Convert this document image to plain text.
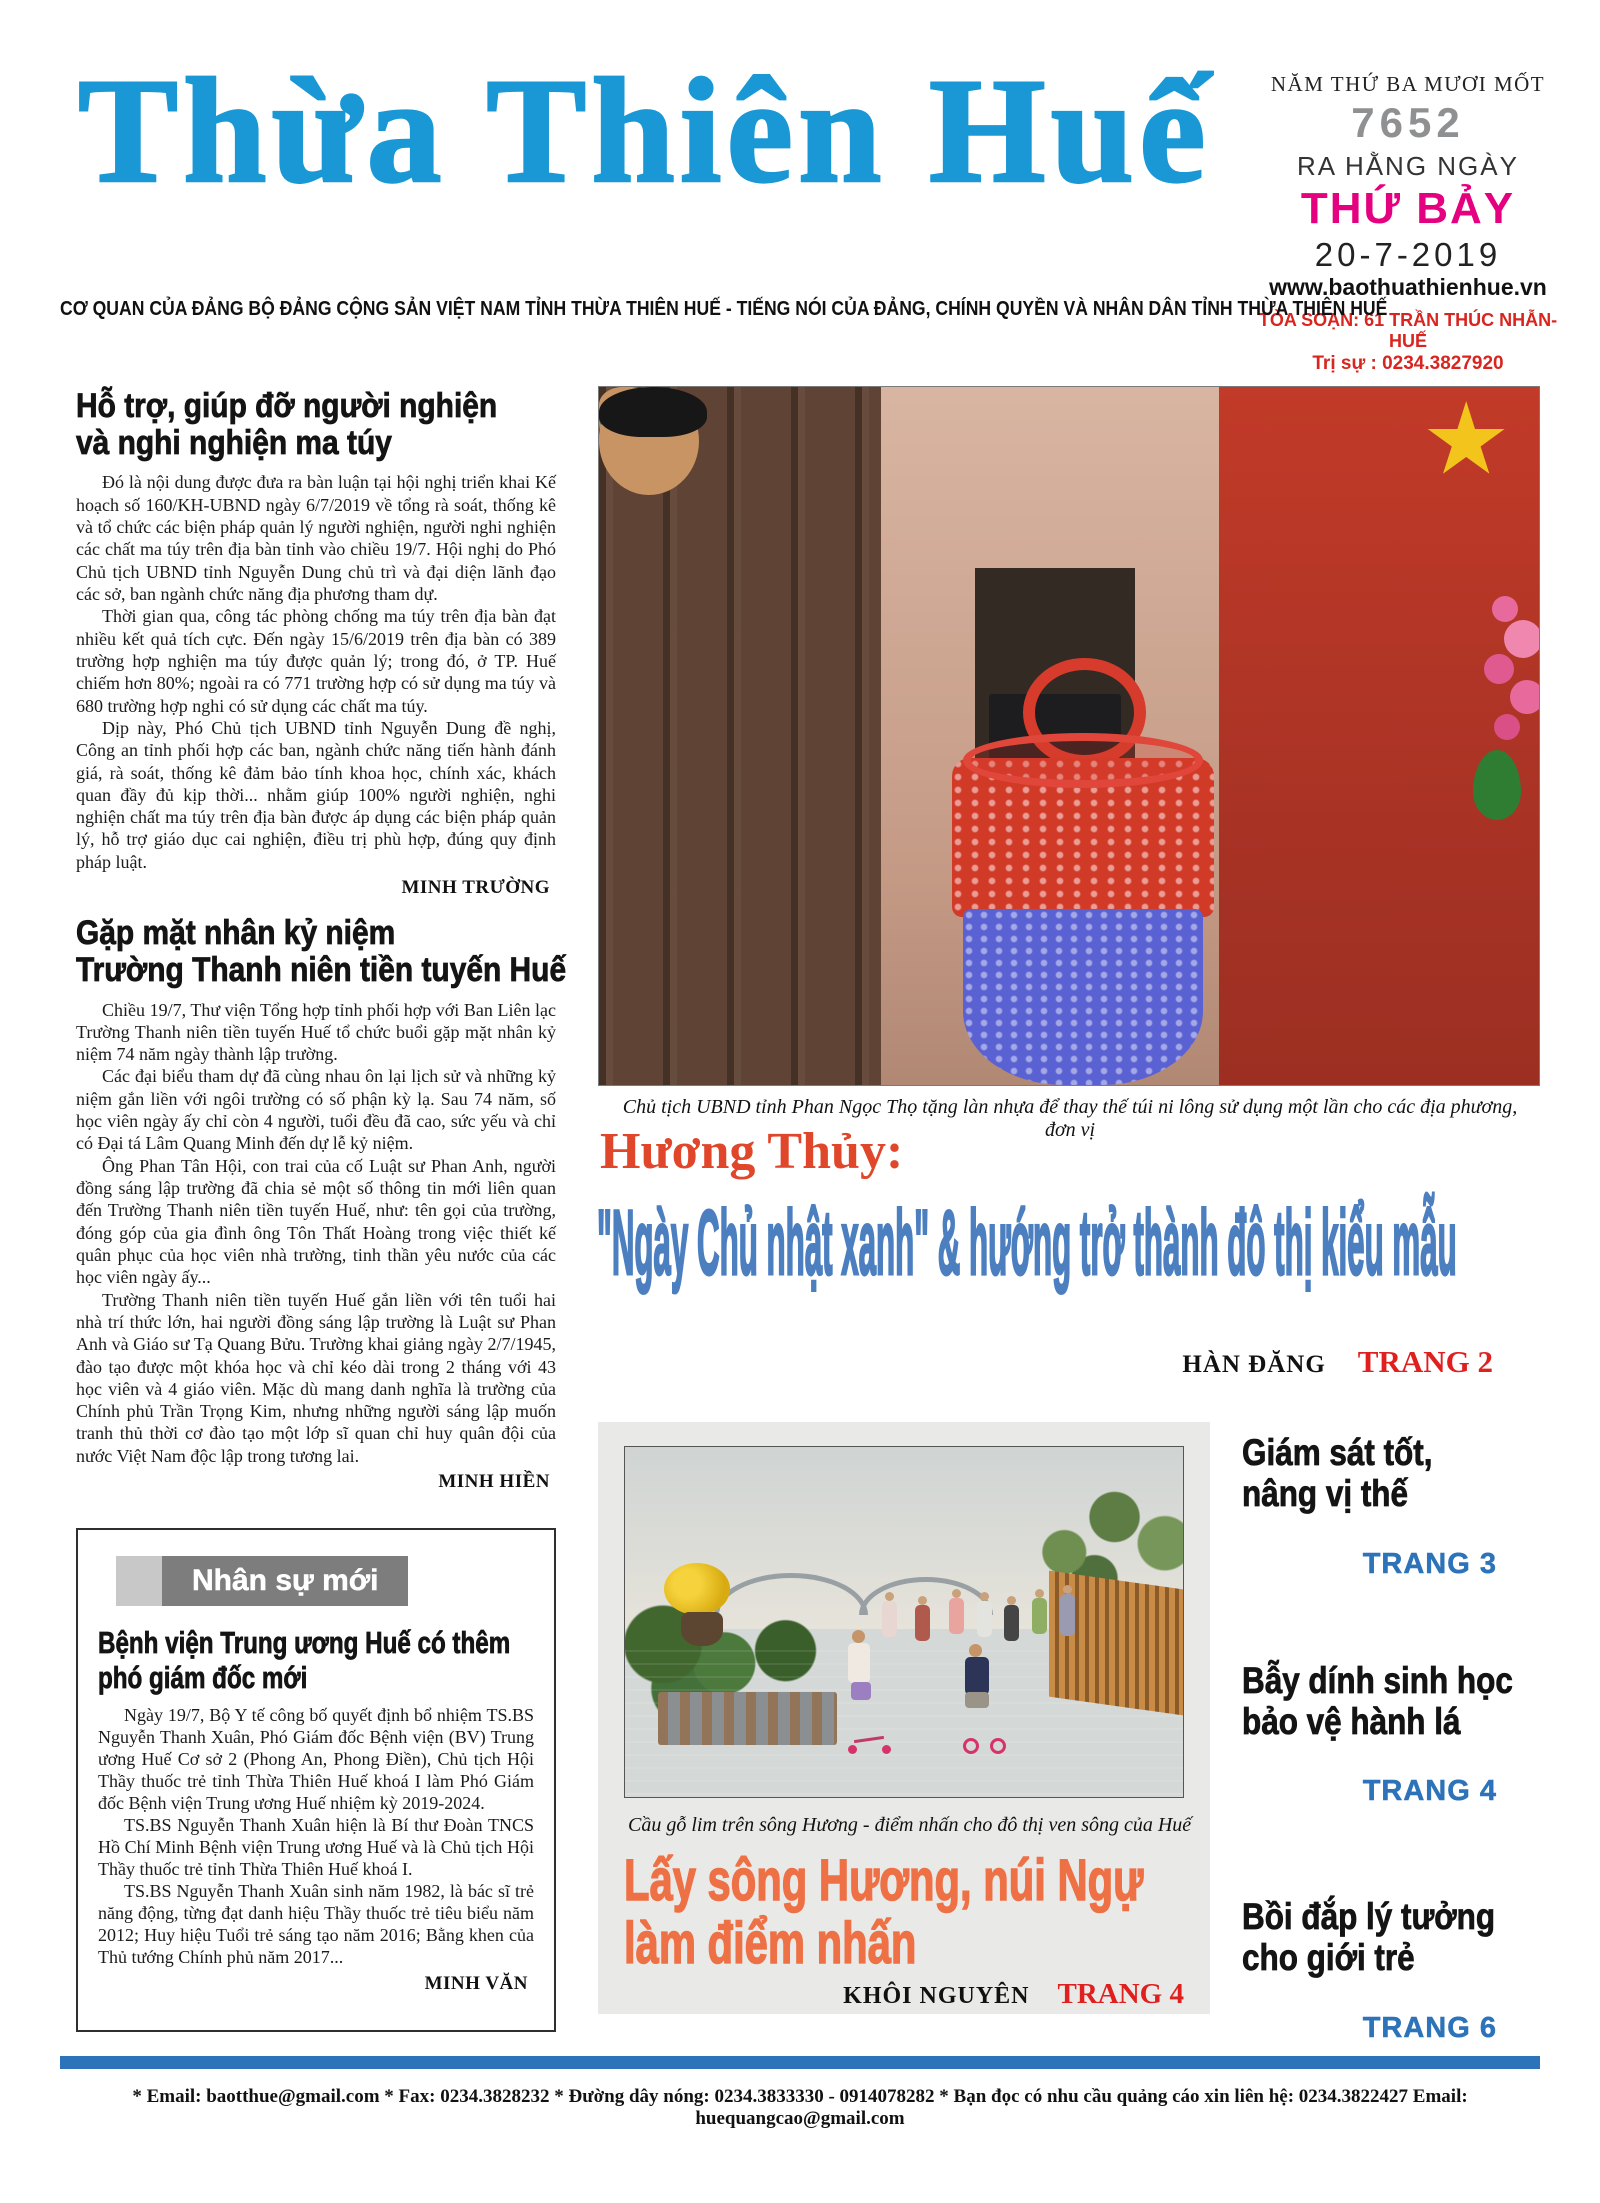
Thừa Thiên Huế	NĂM THỨ BA MƯƠI MỐT
7652
RA HẰNG NGÀY
THỨ BẢY
20-7-2019
www.baothuathienhue.vn
TÒA SOẠN: 61 TRẦN THÚC NHẪN-HUẾ
Trị sự : 0234.3827920
CƠ QUAN CỦA ĐẢNG BỘ ĐẢNG CỘNG SẢN VIỆT NAM TỈNH THỪA THIÊN HUẾ - TIẾNG NÓI CỦA ĐẢNG, CHÍNH QUYỀN VÀ NHÂN DÂN TỈNH THỪA THIÊN HUẾ
Hỗ trợ, giúp đỡ người nghiện
và nghi nghiện ma túy

Đó là nội dung được đưa ra bàn luận tại hội nghị triển khai Kế hoạch số 160/KH-UBND ngày 6/7/2019 về tổng rà soát, thống kê và tổ chức các biện pháp quản lý người nghiện, người nghi nghiện các chất ma túy trên địa bàn tỉnh vào chiều 19/7. Hội nghị do Phó Chủ tịch UBND tỉnh Nguyễn Dung chủ trì và đại diện lãnh đạo các sở, ban ngành chức năng địa phương tham dự.

Thời gian qua, công tác phòng chống ma túy trên địa bàn đạt nhiều kết quả tích cực. Đến ngày 15/6/2019 trên địa bàn có 389 trường hợp nghiện ma túy được quản lý; trong đó, ở TP. Huế chiếm hơn 80%; ngoài ra có 771 trường hợp có sử dụng ma túy và 680 trường hợp nghi có sử dụng các chất ma túy.

Dịp này, Phó Chủ tịch UBND tỉnh Nguyễn Dung đề nghị, Công an tỉnh phối hợp các ban, ngành chức năng tiến hành đánh giá, rà soát, thống kê đảm bảo tính khoa học, chính xác, khách quan đầy đủ kịp thời... nhằm giúp 100% người nghiện, nghi nghiện chất ma túy trên địa bàn được áp dụng các biện pháp quản lý, hỗ trợ giáo dục cai nghiện, điều trị phù hợp, đúng quy định pháp luật.

MINH TRƯỜNG
Gặp mặt nhân kỷ niệm
Trường Thanh niên tiền tuyến Huế

Chiều 19/7, Thư viện Tổng hợp tỉnh phối hợp với Ban Liên lạc Trường Thanh niên tiền tuyến Huế tổ chức buổi gặp mặt nhân kỷ niệm 74 năm ngày thành lập trường.

Các đại biểu tham dự đã cùng nhau ôn lại lịch sử và những kỷ niệm gắn liền với ngôi trường có số phận kỳ lạ. Sau 74 năm, số học viên ngày ấy chỉ còn 4 người, tuổi đều đã cao, sức yếu và chỉ có Đại tá Lâm Quang Minh đến dự lễ kỷ niệm.

Ông Phan Tân Hội, con trai của cố Luật sư Phan Anh, người đồng sáng lập trường đã chia sẻ một số thông tin mới liên quan đến Trường Thanh niên tiền tuyến Huế, như: tên gọi của trường, đóng góp của gia đình ông Tôn Thất Hoàng trong việc thiết kế quân phục của học viên nhà trường, tinh thần yêu nước của các học viên ngày ấy...

Trường Thanh niên tiền tuyến Huế gắn liền với tên tuổi hai nhà trí thức lớn, hai người đồng sáng lập trường là Luật sư Phan Anh và Giáo sư Tạ Quang Bửu. Trường khai giảng ngày 2/7/1945, đào tạo được một khóa học và chỉ kéo dài trong 2 tháng với 43 học viên và 4 giáo viên. Mặc dù mang danh nghĩa là trường của Chính phủ Trần Trọng Kim, nhưng những người sáng lập muốn tranh thủ thời cơ đào tạo một lớp sĩ quan chỉ huy quân đội của nước Việt Nam độc lập trong tương lai.

MINH HIỀN
Nhân sự mới
Bệnh viện Trung ương Huế có thêm
phó giám đốc mới

Ngày 19/7, Bộ Y tế công bố quyết định bổ nhiệm TS.BS Nguyễn Thanh Xuân, Phó Giám đốc Bệnh viện (BV) Trung ương Huế Cơ sở 2 (Phong An, Phong Điền), Chủ tịch Hội Thầy thuốc trẻ tỉnh Thừa Thiên Huế khoá I làm Phó Giám đốc Bệnh viện Trung ương Huế nhiệm kỳ 2019-2024.

TS.BS Nguyễn Thanh Xuân hiện là Bí thư Đoàn TNCS Hồ Chí Minh Bệnh viện Trung ương Huế và là Chủ tịch Hội Thầy thuốc trẻ tỉnh Thừa Thiên Huế khoá I.

TS.BS Nguyễn Thanh Xuân sinh năm 1982, là bác sĩ trẻ năng động, từng đạt danh hiệu Thầy thuốc trẻ tiêu biểu năm 2012; Huy hiệu Tuổi trẻ sáng tạo năm 2016; Bằng khen của Thủ tướng Chính phủ năm 2017...

MINH VĂN
Chủ tịch UBND tỉnh Phan Ngọc Thọ tặng làn nhựa để thay thế túi ni lông sử dụng một lần cho các địa phương, đơn vị
Hương Thủy:
"Ngày Chủ nhật xanh" & hướng trở thành đô thị kiểu mẫu
HÀN ĐĂNG TRANG 2
Cầu gỗ lim trên sông Hương - điểm nhấn cho đô thị ven sông của Huế
Lấy sông Hương, núi Ngự
làm điểm nhấn
KHÔI NGUYÊN TRANG 4
Giám sát tốt,
nâng vị thế
TRANG 3
Bẫy dính sinh học
bảo vệ hành lá
TRANG 4
Bồi đắp lý tưởng
cho giới trẻ
TRANG 6
* Email: baotthue@gmail.com * Fax: 0234.3828232 * Đường dây nóng: 0234.3833330 - 0914078282 * Bạn đọc có nhu cầu quảng cáo xin liên hệ: 0234.3822427 Email: huequangcao@gmail.com
